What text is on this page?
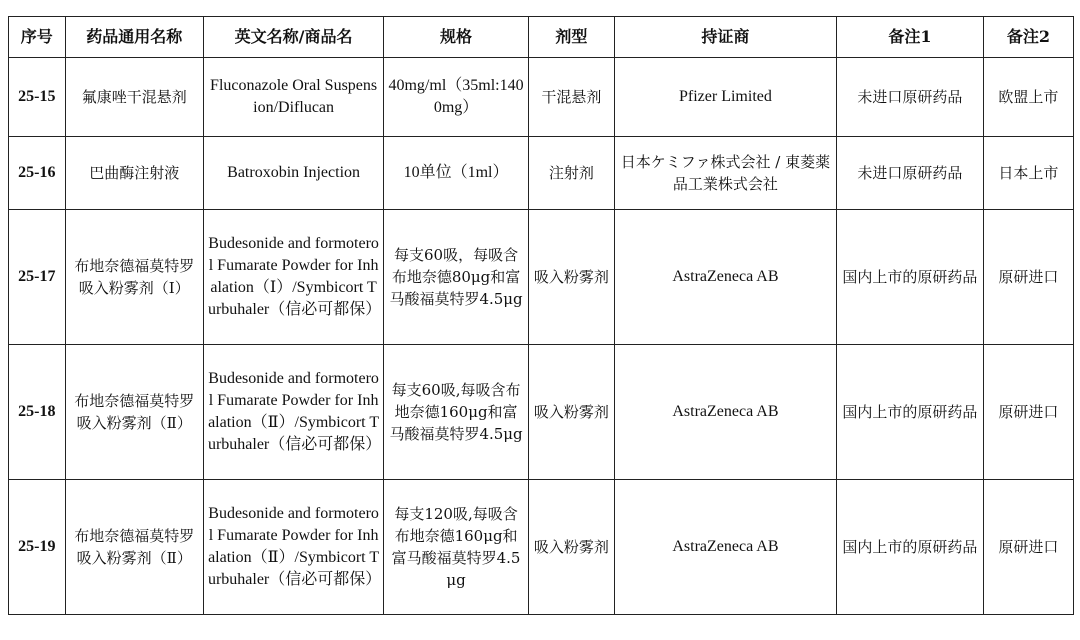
序号	药品通用名称	英文名称/商品名	规格	剂型	持证商	备注1	备注2
25-15	氟康唑干混悬剂	Fluconazole Oral Suspension/Diflucan	40mg/ml（35ml:1400mg）	干混悬剂	Pfizer Limited	未进口原研药品	欧盟上市
25-16	巴曲酶注射液	Batroxobin Injection	10单位（1ml）	注射剂	日本ケミファ株式会社 / 東菱薬品工業株式会社	未进口原研药品	日本上市
25-17	布地奈德福莫特罗吸入粉雾剂（Ⅰ）	Budesonide and formoterol Fumarate Powder for Inhalation（Ⅰ）/Symbicort Turbuhaler（信必可都保）	每支60吸，每吸含布地奈德80μg和富马酸福莫特罗4.5μg	吸入粉雾剂	AstraZeneca AB	国内上市的原研药品	原研进口
25-18	布地奈德福莫特罗吸入粉雾剂（Ⅱ）	Budesonide and formoterol Fumarate Powder for Inhalation（Ⅱ）/Symbicort Turbuhaler（信必可都保）	每支60吸,每吸含布地奈德160μg和富马酸福莫特罗4.5μg	吸入粉雾剂	AstraZeneca AB	国内上市的原研药品	原研进口
25-19	布地奈德福莫特罗吸入粉雾剂（Ⅱ）	Budesonide and formoterol Fumarate Powder for Inhalation（Ⅱ）/Symbicort Turbuhaler（信必可都保）	每支120吸,每吸含布地奈德160μg和富马酸福莫特罗4.5μg	吸入粉雾剂	AstraZeneca AB	国内上市的原研药品	原研进口
